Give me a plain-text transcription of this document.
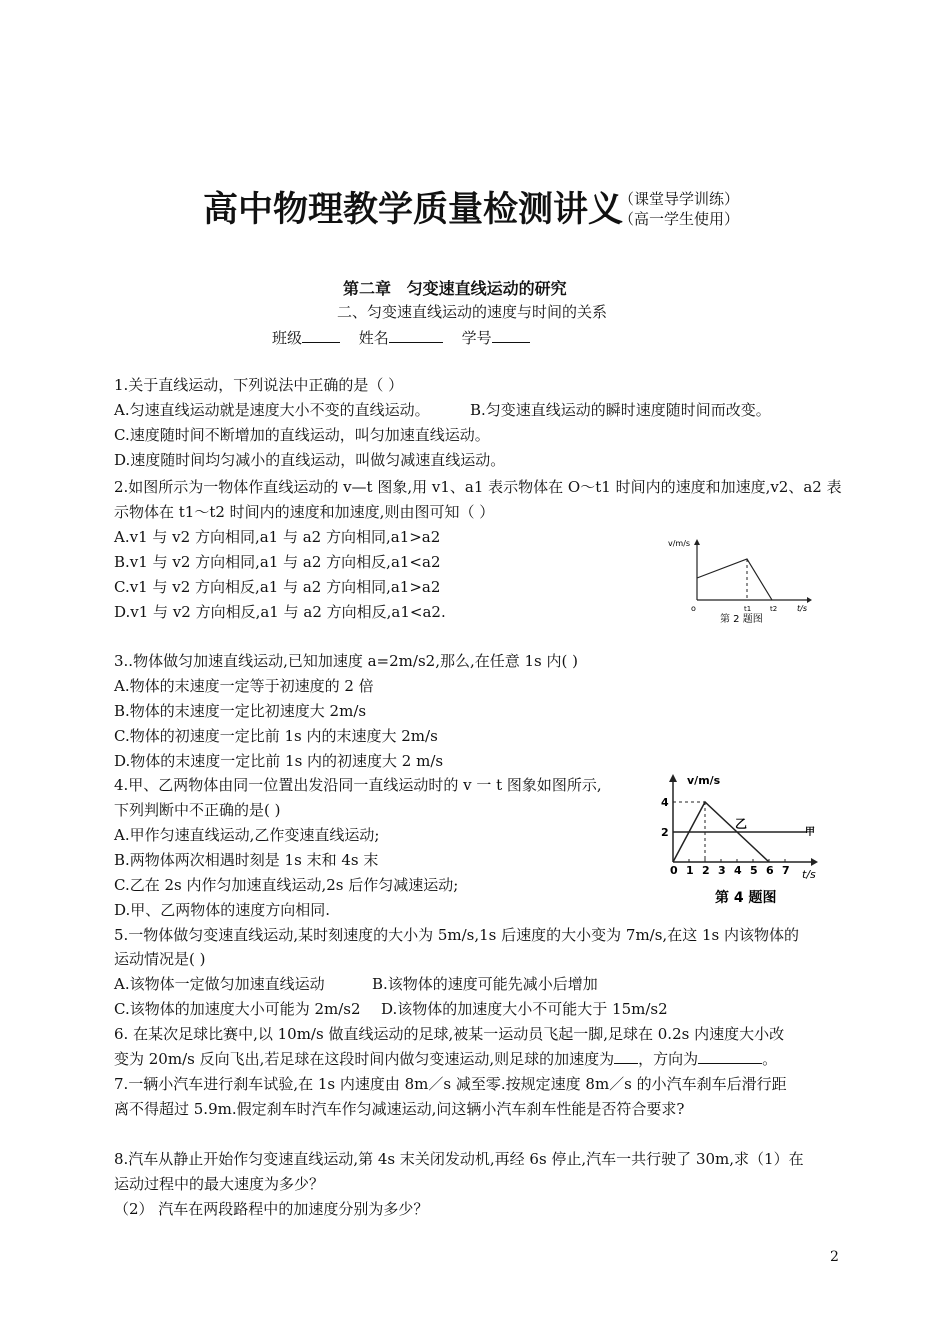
高中物理教学质量检测讲义
（课堂导学训练）
（高一学生使用）
第二章 匀变速直线运动的研究
二、匀变速直线运动的速度与时间的关系
班级	姓名	学号
1.关于直线运动，下列说法中正确的是（ ）
A.匀速直线运动就是速度大小不变的直线运动。	B.匀变速直线运动的瞬时速度随时间而改变。
C.速度随时间不断增加的直线运动，叫匀加速直线运动。
D.速度随时间均匀减小的直线运动，叫做匀减速直线运动。
2.如图所示为一物体作直线运动的 v—t 图象,用 v1、a1 表示物体在 O～t1 时间内的速度和加速度,v2、a2 表示物体在 t1～t2 时间内的速度和加速度,则由图可知（ ）
A.v1 与 v2 方向相同,a1 与 a2 方向相同,a1>a2
B.v1 与 v2 方向相同,a1 与 a2 方向相反,a1<a2
C.v1 与 v2 方向相反,a1 与 a2 方向相同,a1>a2
D.v1 与 v2 方向相反,a1 与 a2 方向相反,a1<a2.
v/m/s
o	t1	t2 t/s
第 2 题图
3..物体做匀加速直线运动,已知加速度 a=2m/s2,那么,在任意 1s 内( )
A.物体的末速度一定等于初速度的 2 倍
B.物体的末速度一定比初速度大 2m/s
C.物体的初速度一定比前 1s 内的末速度大 2m/s
D.物体的末速度一定比前 1s 内的初速度大 2 m/s
4.甲、乙两物体由同一位置出发沿同一直线运动时的 v 一 t 图象如图所示,
下列判断中不正确的是( )
A.甲作匀速直线运动,乙作变速直线运动;
B.两物体两次相遇时刻是 1s 末和 4s 末
C.乙在 2s 内作匀加速直线运动,2s 后作匀减速运动;
D.甲、乙两物体的速度方向相同.
0 1 2 3 4 5 6 7
v/m/s
4
2
乙
甲
t/s
第 4 题图
5.一物体做匀变速直线运动,某时刻速度的大小为 5m/s,1s 后速度的大小变为 7m/s,在这 1s 内该物体的
运动情况是( )
A.该物体一定做匀加速直线运动	B.该物体的速度可能先减小后增加
C.该物体的加速度大小可能为 2m/s2 D.该物体的加速度大小不可能大于 15m/s2
6. 在某次足球比赛中,以 10m/s 做直线运动的足球,被某一运动员飞起一脚,足球在 0.2s 内速度大小改
变为 20m/s 反向飞出,若足球在这段时间内做匀变速运动,则足球的加速度为 ，方向为	。
7.一辆小汽车进行刹车试验,在 1s 内速度由 8m／s 减至零.按规定速度 8m／s 的小汽车刹车后滑行距
离不得超过 5.9m.假定刹车时汽车作匀减速运动,问这辆小汽车刹车性能是否符合要求?
8.汽车从静止开始作匀变速直线运动,第 4s 末关闭发动机,再经 6s 停止,汽车一共行驶了 30m,求（1）在
运动过程中的最大速度为多少？
（2） 汽车在两段路程中的加速度分别为多少？
2
